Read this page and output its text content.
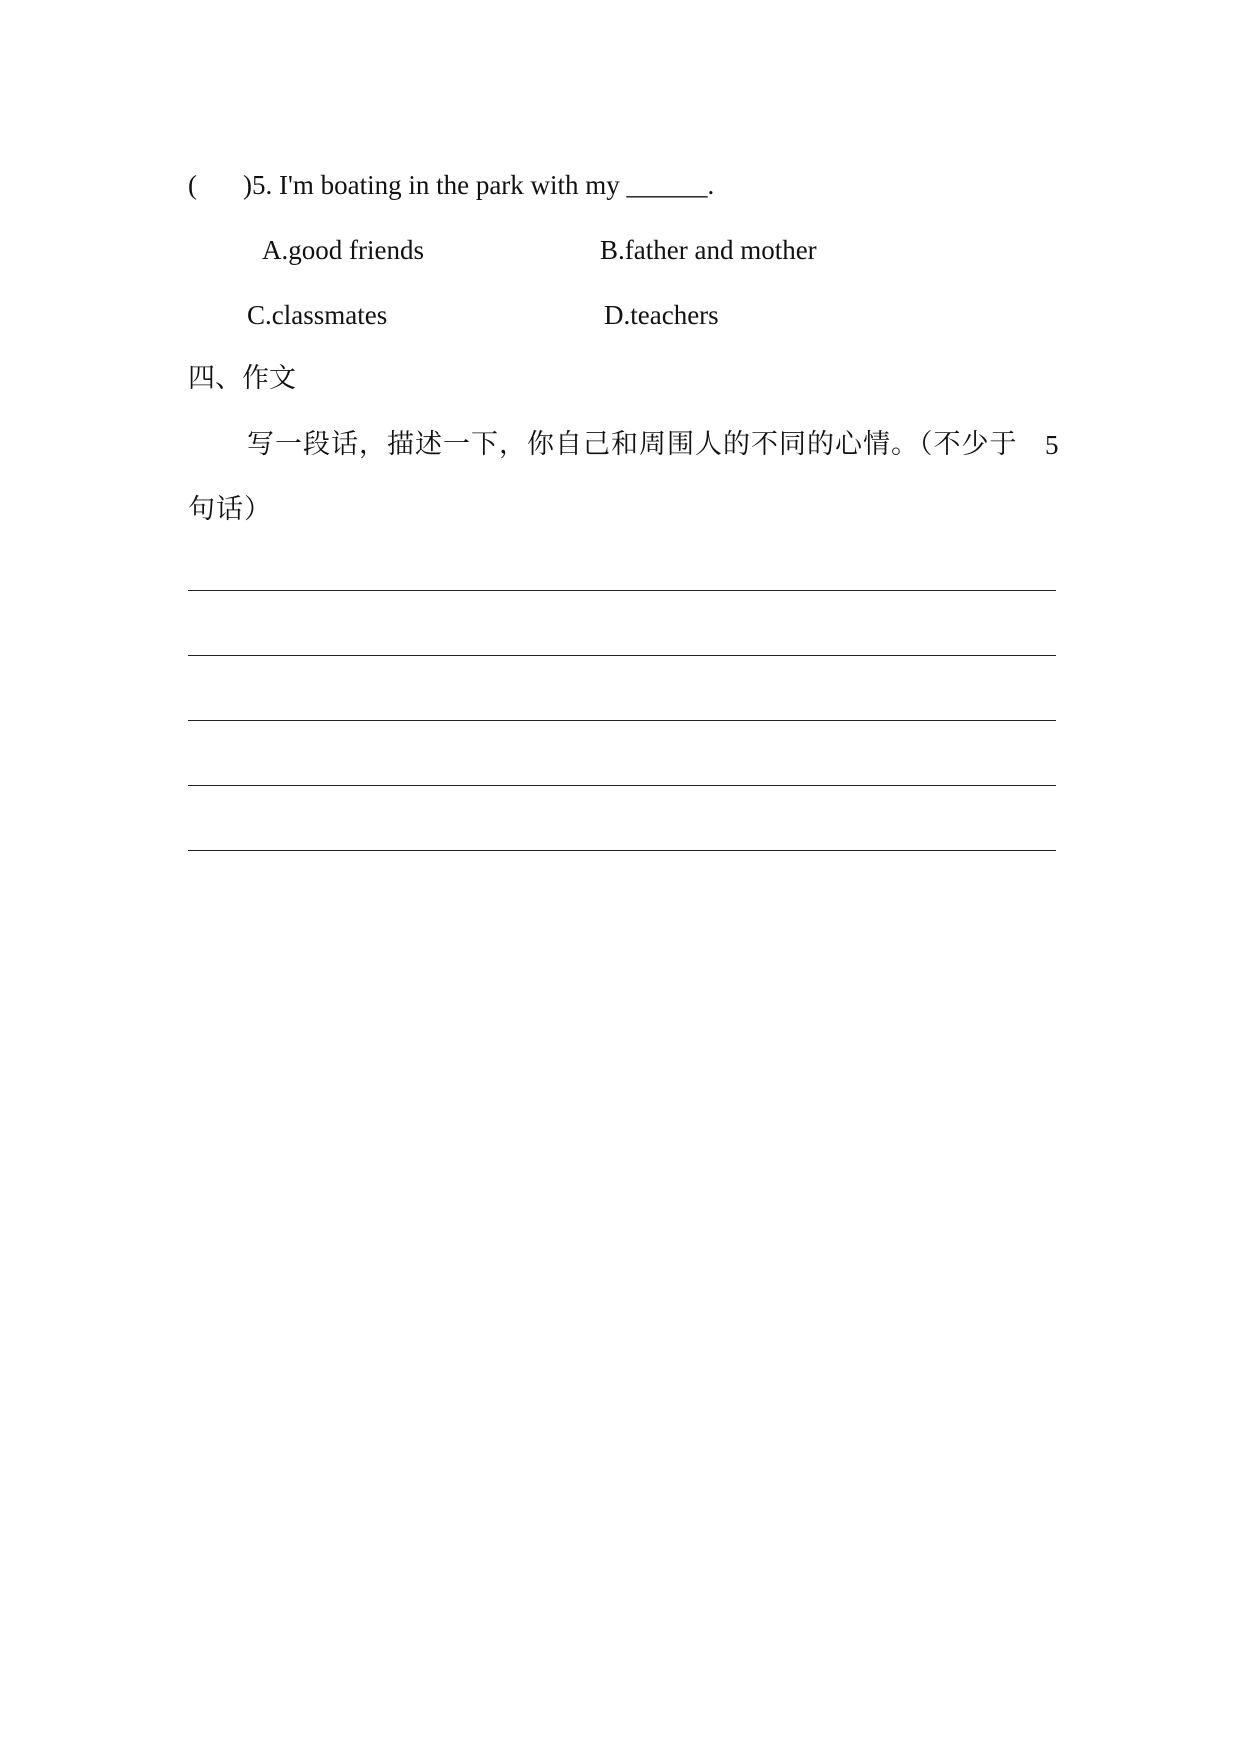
( )5. I'm boating in the park with my ______.
A.good friends	B.father and mother
C.classmates	D.teachers
四、作文
写一段话，描述一下，你自己和周围人的不同的心情。（不少于 5
句话）
